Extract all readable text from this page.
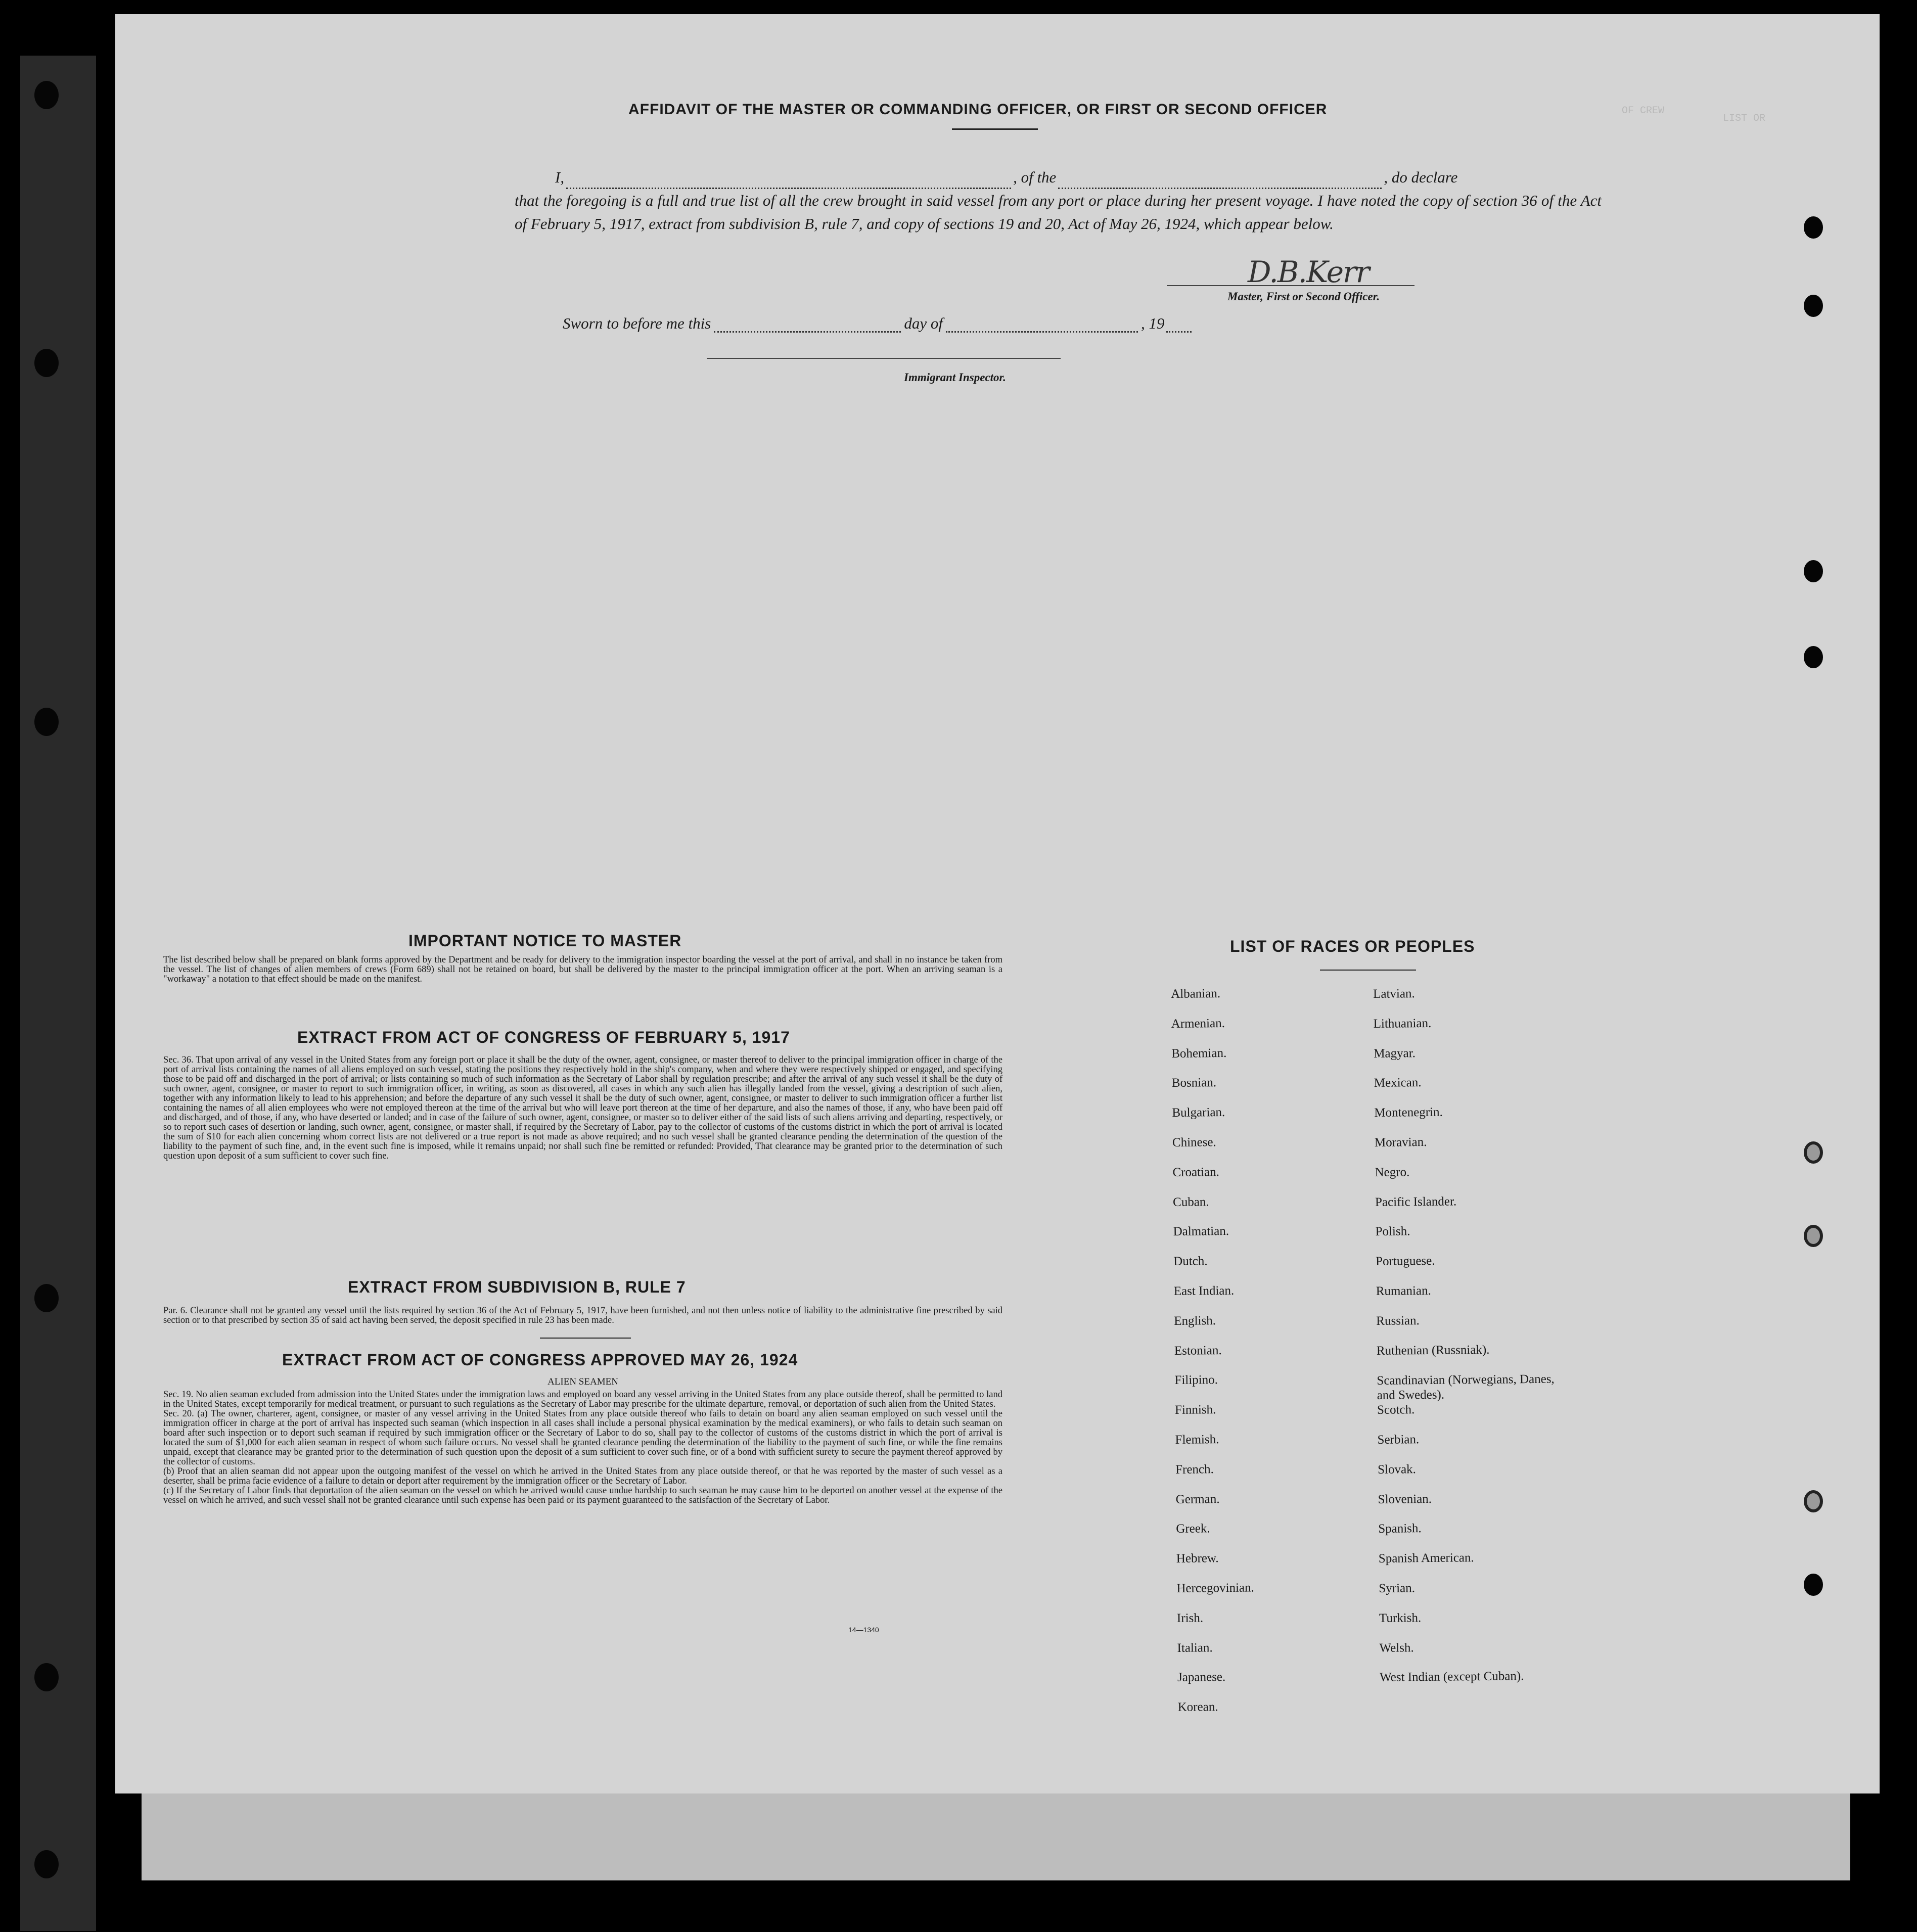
LIST OR
OF CREW
AFFIDAVIT OF THE MASTER OR COMMANDING OFFICER, OR FIRST OR SECOND OFFICER
I,	, of the	, do declare
that the foregoing is a full and true list of all the crew brought in said vessel from any port or place during her present voyage. I have noted the copy of section 36 of the Act of February 5, 1917, extract from subdivision B, rule 7, and copy of sections 19 and 20, Act of May 26, 1924, which appear below.
D.B.Kerr
Master, First or Second Officer.
Sworn to before me this	day of	, 19
Immigrant Inspector.
IMPORTANT NOTICE TO MASTER
The list described below shall be prepared on blank forms approved by the Department and be ready for delivery to the immigration inspector boarding the vessel at the port of arrival, and shall in no instance be taken from the vessel. The list of changes of alien members of crews (Form 689) shall not be retained on board, but shall be delivered by the master to the principal immigration officer at the port. When an arriving seaman is a "workaway" a notation to that effect should be made on the manifest.
EXTRACT FROM ACT OF CONGRESS OF FEBRUARY 5, 1917
Sec. 36. That upon arrival of any vessel in the United States from any foreign port or place it shall be the duty of the owner, agent, consignee, or master thereof to deliver to the principal immigration officer in charge of the port of arrival lists containing the names of all aliens employed on such vessel, stating the positions they respectively hold in the ship's company, when and where they were respectively shipped or engaged, and specifying those to be paid off and discharged in the port of arrival; or lists containing so much of such information as the Secretary of Labor shall by regulation prescribe; and after the arrival of any such vessel it shall be the duty of such owner, agent, consignee, or master to report to such immigration officer, in writing, as soon as discovered, all cases in which any such alien has illegally landed from the vessel, giving a description of such alien, together with any information likely to lead to his apprehension; and before the departure of any such vessel it shall be the duty of such owner, agent, consignee, or master to deliver to such immigration officer a further list containing the names of all alien employees who were not employed thereon at the time of the arrival but who will leave port thereon at the time of her departure, and also the names of those, if any, who have been paid off and discharged, and of those, if any, who have deserted or landed; and in case of the failure of such owner, agent, consignee, or master so to deliver either of the said lists of such aliens arriving and departing, respectively, or so to report such cases of desertion or landing, such owner, agent, consignee, or master shall, if required by the Secretary of Labor, pay to the collector of customs of the customs district in which the port of arrival is located the sum of $10 for each alien concerning whom correct lists are not delivered or a true report is not made as above required; and no such vessel shall be granted clearance pending the determination of the question of the liability to the payment of such fine, and, in the event such fine is imposed, while it remains unpaid; nor shall such fine be remitted or refunded: Provided, That clearance may be granted prior to the determination of such question upon deposit of a sum sufficient to cover such fine.
EXTRACT FROM SUBDIVISION B, RULE 7
Par. 6. Clearance shall not be granted any vessel until the lists required by section 36 of the Act of February 5, 1917, have been furnished, and not then unless notice of liability to the administrative fine prescribed by said section or to that prescribed by section 35 of said act having been served, the deposit specified in rule 23 has been made.
EXTRACT FROM ACT OF CONGRESS APPROVED MAY 26, 1924
ALIEN SEAMEN
Sec. 19. No alien seaman excluded from admission into the United States under the immigration laws and employed on board any vessel arriving in the United States from any place outside thereof, shall be permitted to land in the United States, except temporarily for medical treatment, or pursuant to such regulations as the Secretary of Labor may prescribe for the ultimate departure, removal, or deportation of such alien from the United States.
Sec. 20. (a) The owner, charterer, agent, consignee, or master of any vessel arriving in the United States from any place outside thereof who fails to detain on board any alien seaman employed on such vessel until the immigration officer in charge at the port of arrival has inspected such seaman (which inspection in all cases shall include a personal physical examination by the medical examiners), or who fails to detain such seaman on board after such inspection or to deport such seaman if required by such immigration officer or the Secretary of Labor to do so, shall pay to the collector of customs of the customs district in which the port of arrival is located the sum of $1,000 for each alien seaman in respect of whom such failure occurs. No vessel shall be granted clearance pending the determination of the liability to the payment of such fine, or while the fine remains unpaid, except that clearance may be granted prior to the determination of such question upon the deposit of a sum sufficient to cover such fine, or of a bond with sufficient surety to secure the payment thereof approved by the collector of customs.
(b) Proof that an alien seaman did not appear upon the outgoing manifest of the vessel on which he arrived in the United States from any place outside thereof, or that he was reported by the master of such vessel as a deserter, shall be prima facie evidence of a failure to detain or deport after requirement by the immigration officer or the Secretary of Labor.
(c) If the Secretary of Labor finds that deportation of the alien seaman on the vessel on which he arrived would cause undue hardship to such seaman he may cause him to be deported on another vessel at the expense of the vessel on which he arrived, and such vessel shall not be granted clearance until such expense has been paid or its payment guaranteed to the satisfaction of the Secretary of Labor.
14—1340
LIST OF RACES OR PEOPLES
Albanian.
Armenian.
Bohemian.
Bosnian.
Bulgarian.
Chinese.
Croatian.
Cuban.
Dalmatian.
Dutch.
East Indian.
English.
Estonian.
Filipino.
Finnish.
Flemish.
French.
German.
Greek.
Hebrew.
Hercegovinian.
Irish.
Italian.
Japanese.
Korean.
Latvian.
Lithuanian.
Magyar.
Mexican.
Montenegrin.
Moravian.
Negro.
Pacific Islander.
Polish.
Portuguese.
Rumanian.
Russian.
Ruthenian (Russniak).
Scandinavian (Norwegians, Danes, and Swedes).
Scotch.
Serbian.
Slovak.
Slovenian.
Spanish.
Spanish American.
Syrian.
Turkish.
Welsh.
West Indian (except Cuban).
